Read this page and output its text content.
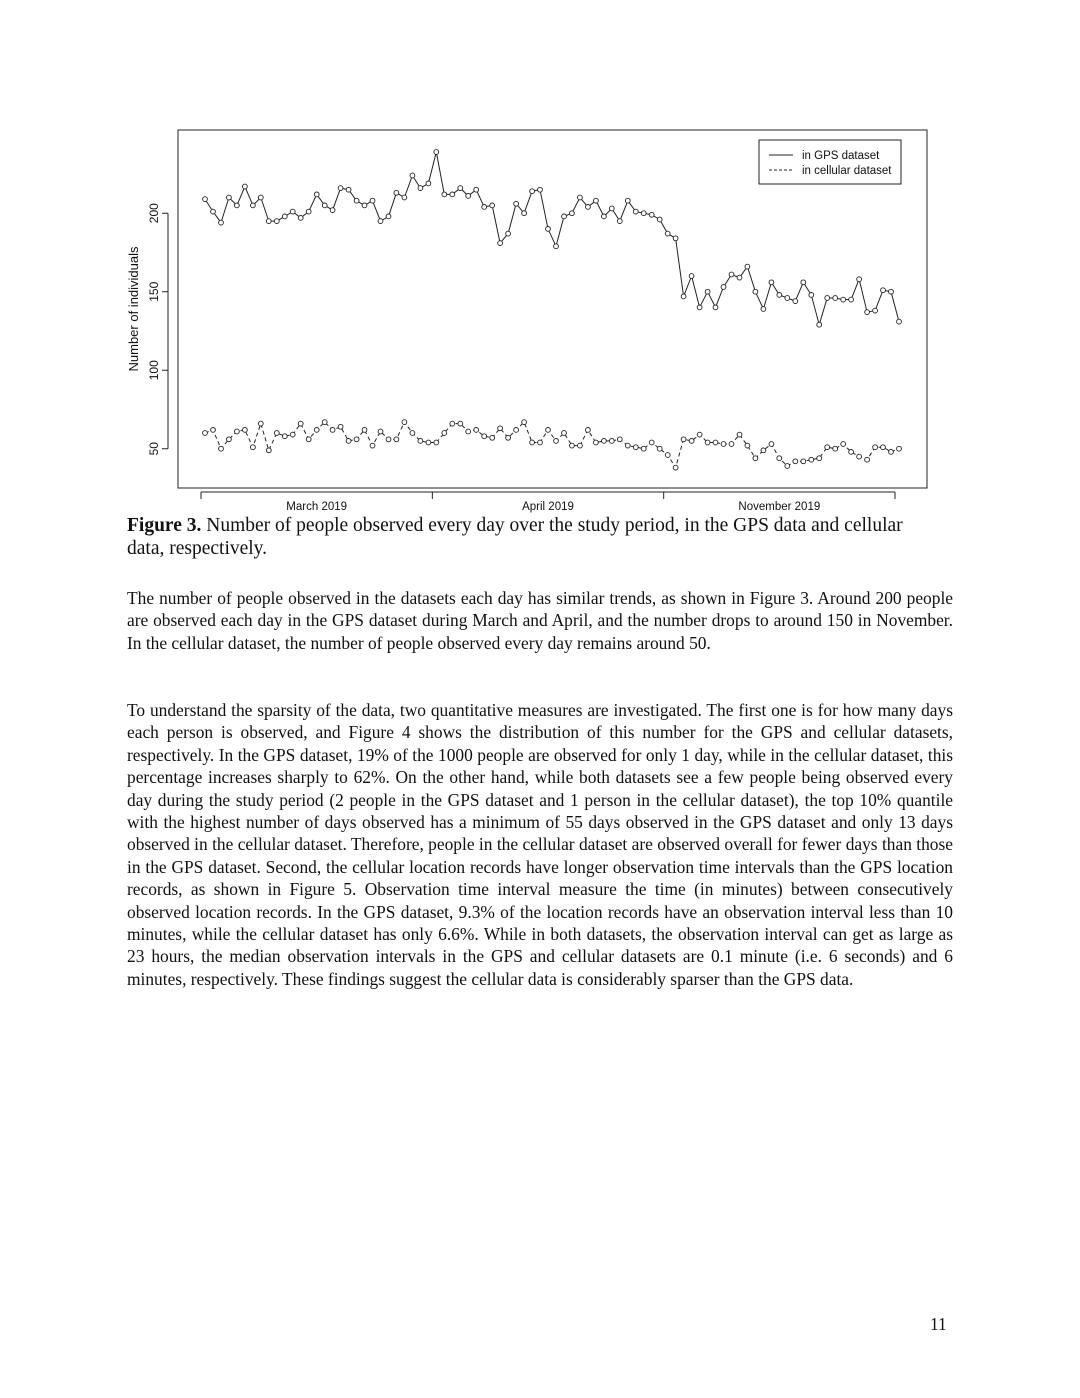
50
100
150
200
Number of individuals
March 2019	April 2019	November 2019
in GPS dataset
in cellular dataset
Figure 3. Number of people observed every day over the study period, in the GPS data and cellular data, respectively.

The number of people observed in the datasets each day has similar trends, as shown in Figure 3. Around 200 people are observed each day in the GPS dataset during March and April, and the number drops to around 150 in November. In the cellular dataset, the number of people observed every day remains around 50.

To understand the sparsity of the data, two quantitative measures are investigated. The first one is for how many days each person is observed, and Figure 4 shows the distribution of this number for the GPS and cellular datasets, respectively. In the GPS dataset, 19% of the 1000 people are observed for only 1 day, while in the cellular dataset, this percentage increases sharply to 62%. On the other hand, while both datasets see a few people being observed every day during the study period (2 people in the GPS dataset and 1 person in the cellular dataset), the top 10% quantile with the highest number of days observed has a minimum of 55 days observed in the GPS dataset and only 13 days observed in the cellular dataset. Therefore, people in the cellular dataset are observed overall for fewer days than those in the GPS dataset. Second, the cellular location records have longer observation time intervals than the GPS location records, as shown in Figure 5. Observation time interval measure the time (in minutes) between consecutively observed location records. In the GPS dataset, 9.3% of the location records have an observation interval less than 10 minutes, while the cellular dataset has only 6.6%. While in both datasets, the observation interval can get as large as 23 hours, the median observation intervals in the GPS and cellular datasets are 0.1 minute (i.e. 6 seconds) and 6 minutes, respectively. These findings suggest the cellular data is considerably sparser than the GPS data.

11
